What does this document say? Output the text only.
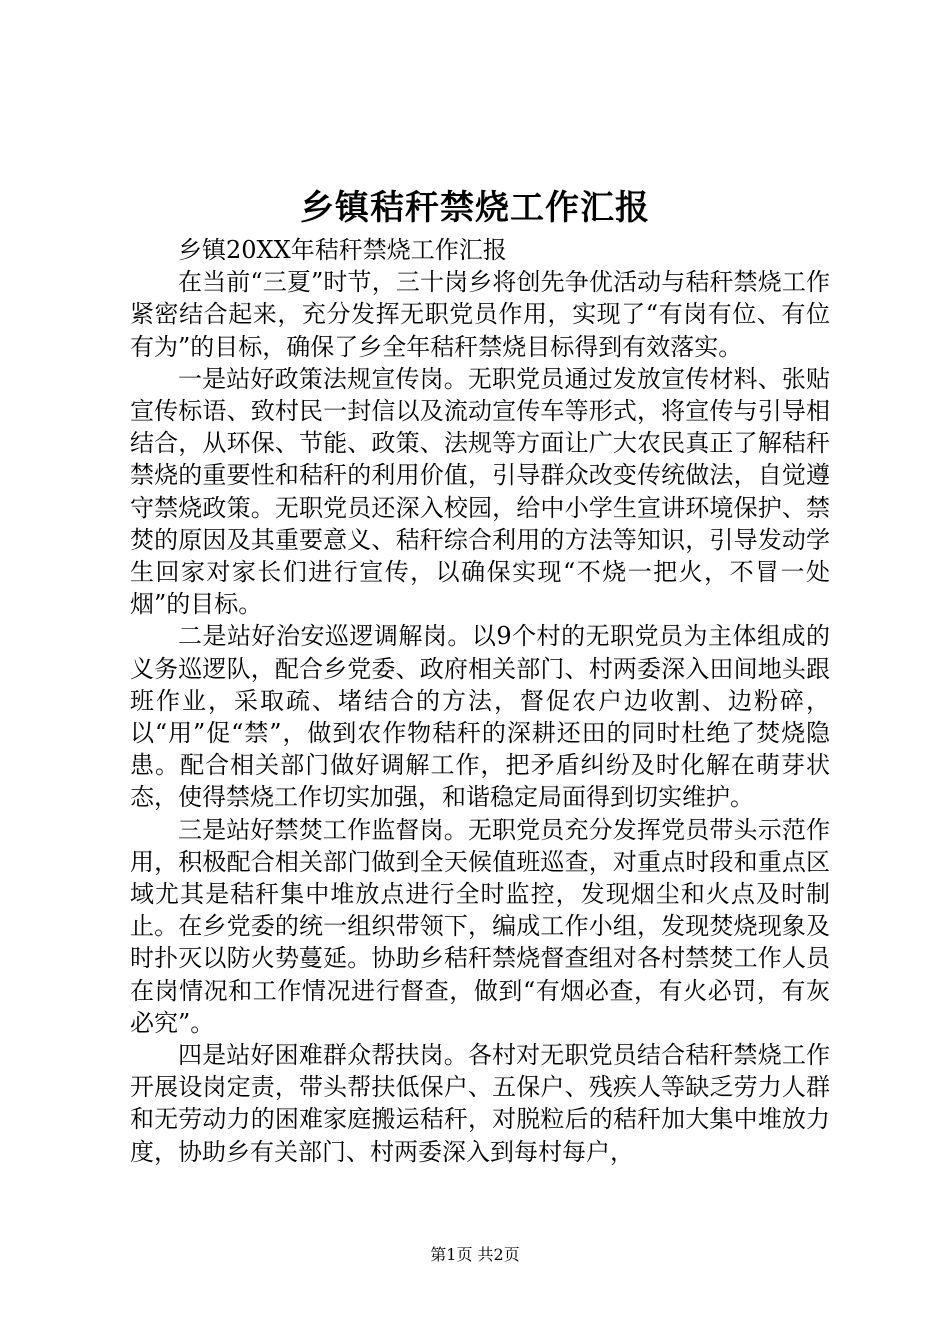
乡镇秸秆禁烧工作汇报

乡镇20XX年秸秆禁烧工作汇报

在当前“三夏”时节，三十岗乡将创先争优活动与秸秆禁烧工作紧密结合起来，充分发挥无职党员作用，实现了“有岗有位、有位有为”的目标，确保了乡全年秸秆禁烧目标得到有效落实。

一是站好政策法规宣传岗。无职党员通过发放宣传材料、张贴宣传标语、致村民一封信以及流动宣传车等形式，将宣传与引导相结合，从环保、节能、政策、法规等方面让广大农民真正了解秸秆禁烧的重要性和秸秆的利用价值，引导群众改变传统做法，自觉遵守禁烧政策。无职党员还深入校园，给中小学生宣讲环境保护、禁焚的原因及其重要意义、秸秆综合利用的方法等知识，引导发动学生回家对家长们进行宣传，以确保实现“不烧一把火，不冒一处烟”的目标。

二是站好治安巡逻调解岗。以9个村的无职党员为主体组成的义务巡逻队，配合乡党委、政府相关部门、村两委深入田间地头跟班作业，采取疏、堵结合的方法，督促农户边收割、边粉碎，以“用”促“禁”，做到农作物秸秆的深耕还田的同时杜绝了焚烧隐患。配合相关部门做好调解工作，把矛盾纠纷及时化解在萌芽状态，使得禁烧工作切实加强，和谐稳定局面得到切实维护。

三是站好禁焚工作监督岗。无职党员充分发挥党员带头示范作用，积极配合相关部门做到全天候值班巡查，对重点时段和重点区域尤其是秸秆集中堆放点进行全时监控，发现烟尘和火点及时制止。在乡党委的统一组织带领下，编成工作小组，发现焚烧现象及时扑灭以防火势蔓延。协助乡秸秆禁烧督查组对各村禁焚工作人员在岗情况和工作情况进行督查，做到“有烟必查，有火必罚，有灰必究”。

四是站好困难群众帮扶岗。各村对无职党员结合秸秆禁烧工作开展设岗定责，带头帮扶低保户、五保户、残疾人等缺乏劳力人群和无劳动力的困难家庭搬运秸秆，对脱粒后的秸秆加大集中堆放力度，协助乡有关部门、村两委深入到每村每户，

第1页 共2页
